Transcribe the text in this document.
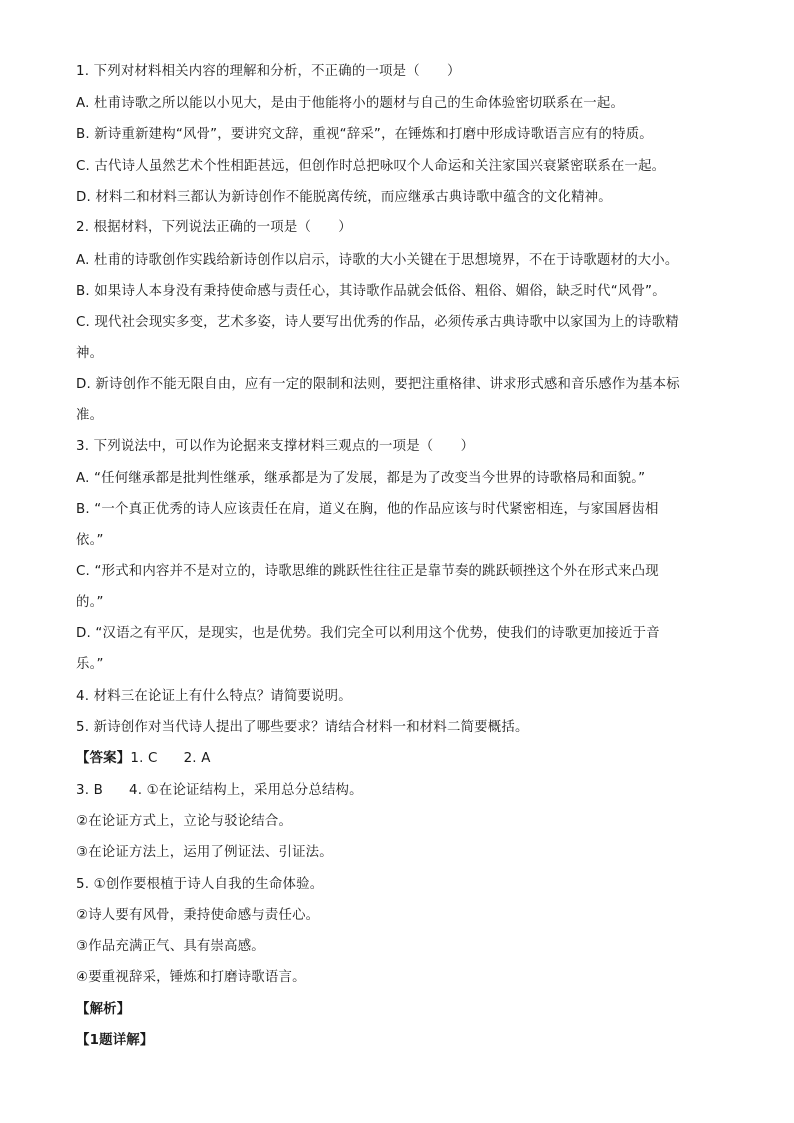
1. 下列对材料相关内容的理解和分析，不正确的一项是（　　）
A. 杜甫诗歌之所以能以小见大，是由于他能将小的题材与自己的生命体验密切联系在一起。
B. 新诗重新建构“风骨”，要讲究文辞，重视“辞采”，在锤炼和打磨中形成诗歌语言应有的特质。
C. 古代诗人虽然艺术个性相距甚远，但创作时总把咏叹个人命运和关注家国兴衰紧密联系在一起。
D. 材料二和材料三都认为新诗创作不能脱离传统，而应继承古典诗歌中蕴含的文化精神。
2. 根据材料，下列说法正确的一项是（　　）
A. 杜甫的诗歌创作实践给新诗创作以启示，诗歌的大小关键在于思想境界，不在于诗歌题材的大小。
B. 如果诗人本身没有秉持使命感与责任心，其诗歌作品就会低俗、粗俗、媚俗，缺乏时代“风骨”。
C. 现代社会现实多变，艺术多姿，诗人要写出优秀的作品，必须传承古典诗歌中以家国为上的诗歌精
神。
D. 新诗创作不能无限自由，应有一定的限制和法则，要把注重格律、讲求形式感和音乐感作为基本标
准。
3. 下列说法中，可以作为论据来支撑材料三观点的一项是（　　）
A. “任何继承都是批判性继承，继承都是为了发展，都是为了改变当今世界的诗歌格局和面貌。”
B. “一个真正优秀的诗人应该责任在肩，道义在胸，他的作品应该与时代紧密相连，与家国唇齿相
依。”
C. “形式和内容并不是对立的，诗歌思维的跳跃性往往正是靠节奏的跳跃顿挫这个外在形式来凸现
的。”
D. “汉语之有平仄，是现实，也是优势。我们完全可以利用这个优势，使我们的诗歌更加接近于音
乐。”
4. 材料三在论证上有什么特点？请简要说明。
5. 新诗创作对当代诗人提出了哪些要求？请结合材料一和材料二简要概括。
【答案】1. C 2. A
3. B 4. ①在论证结构上，采用总分总结构。
②在论证方式上，立论与驳论结合。
③在论证方法上，运用了例证法、引证法。
5. ①创作要根植于诗人自我的生命体验。
②诗人要有风骨，秉持使命感与责任心。
③作品充满正气、具有崇高感。
④要重视辞采，锤炼和打磨诗歌语言。
【解析】
【1题详解】
